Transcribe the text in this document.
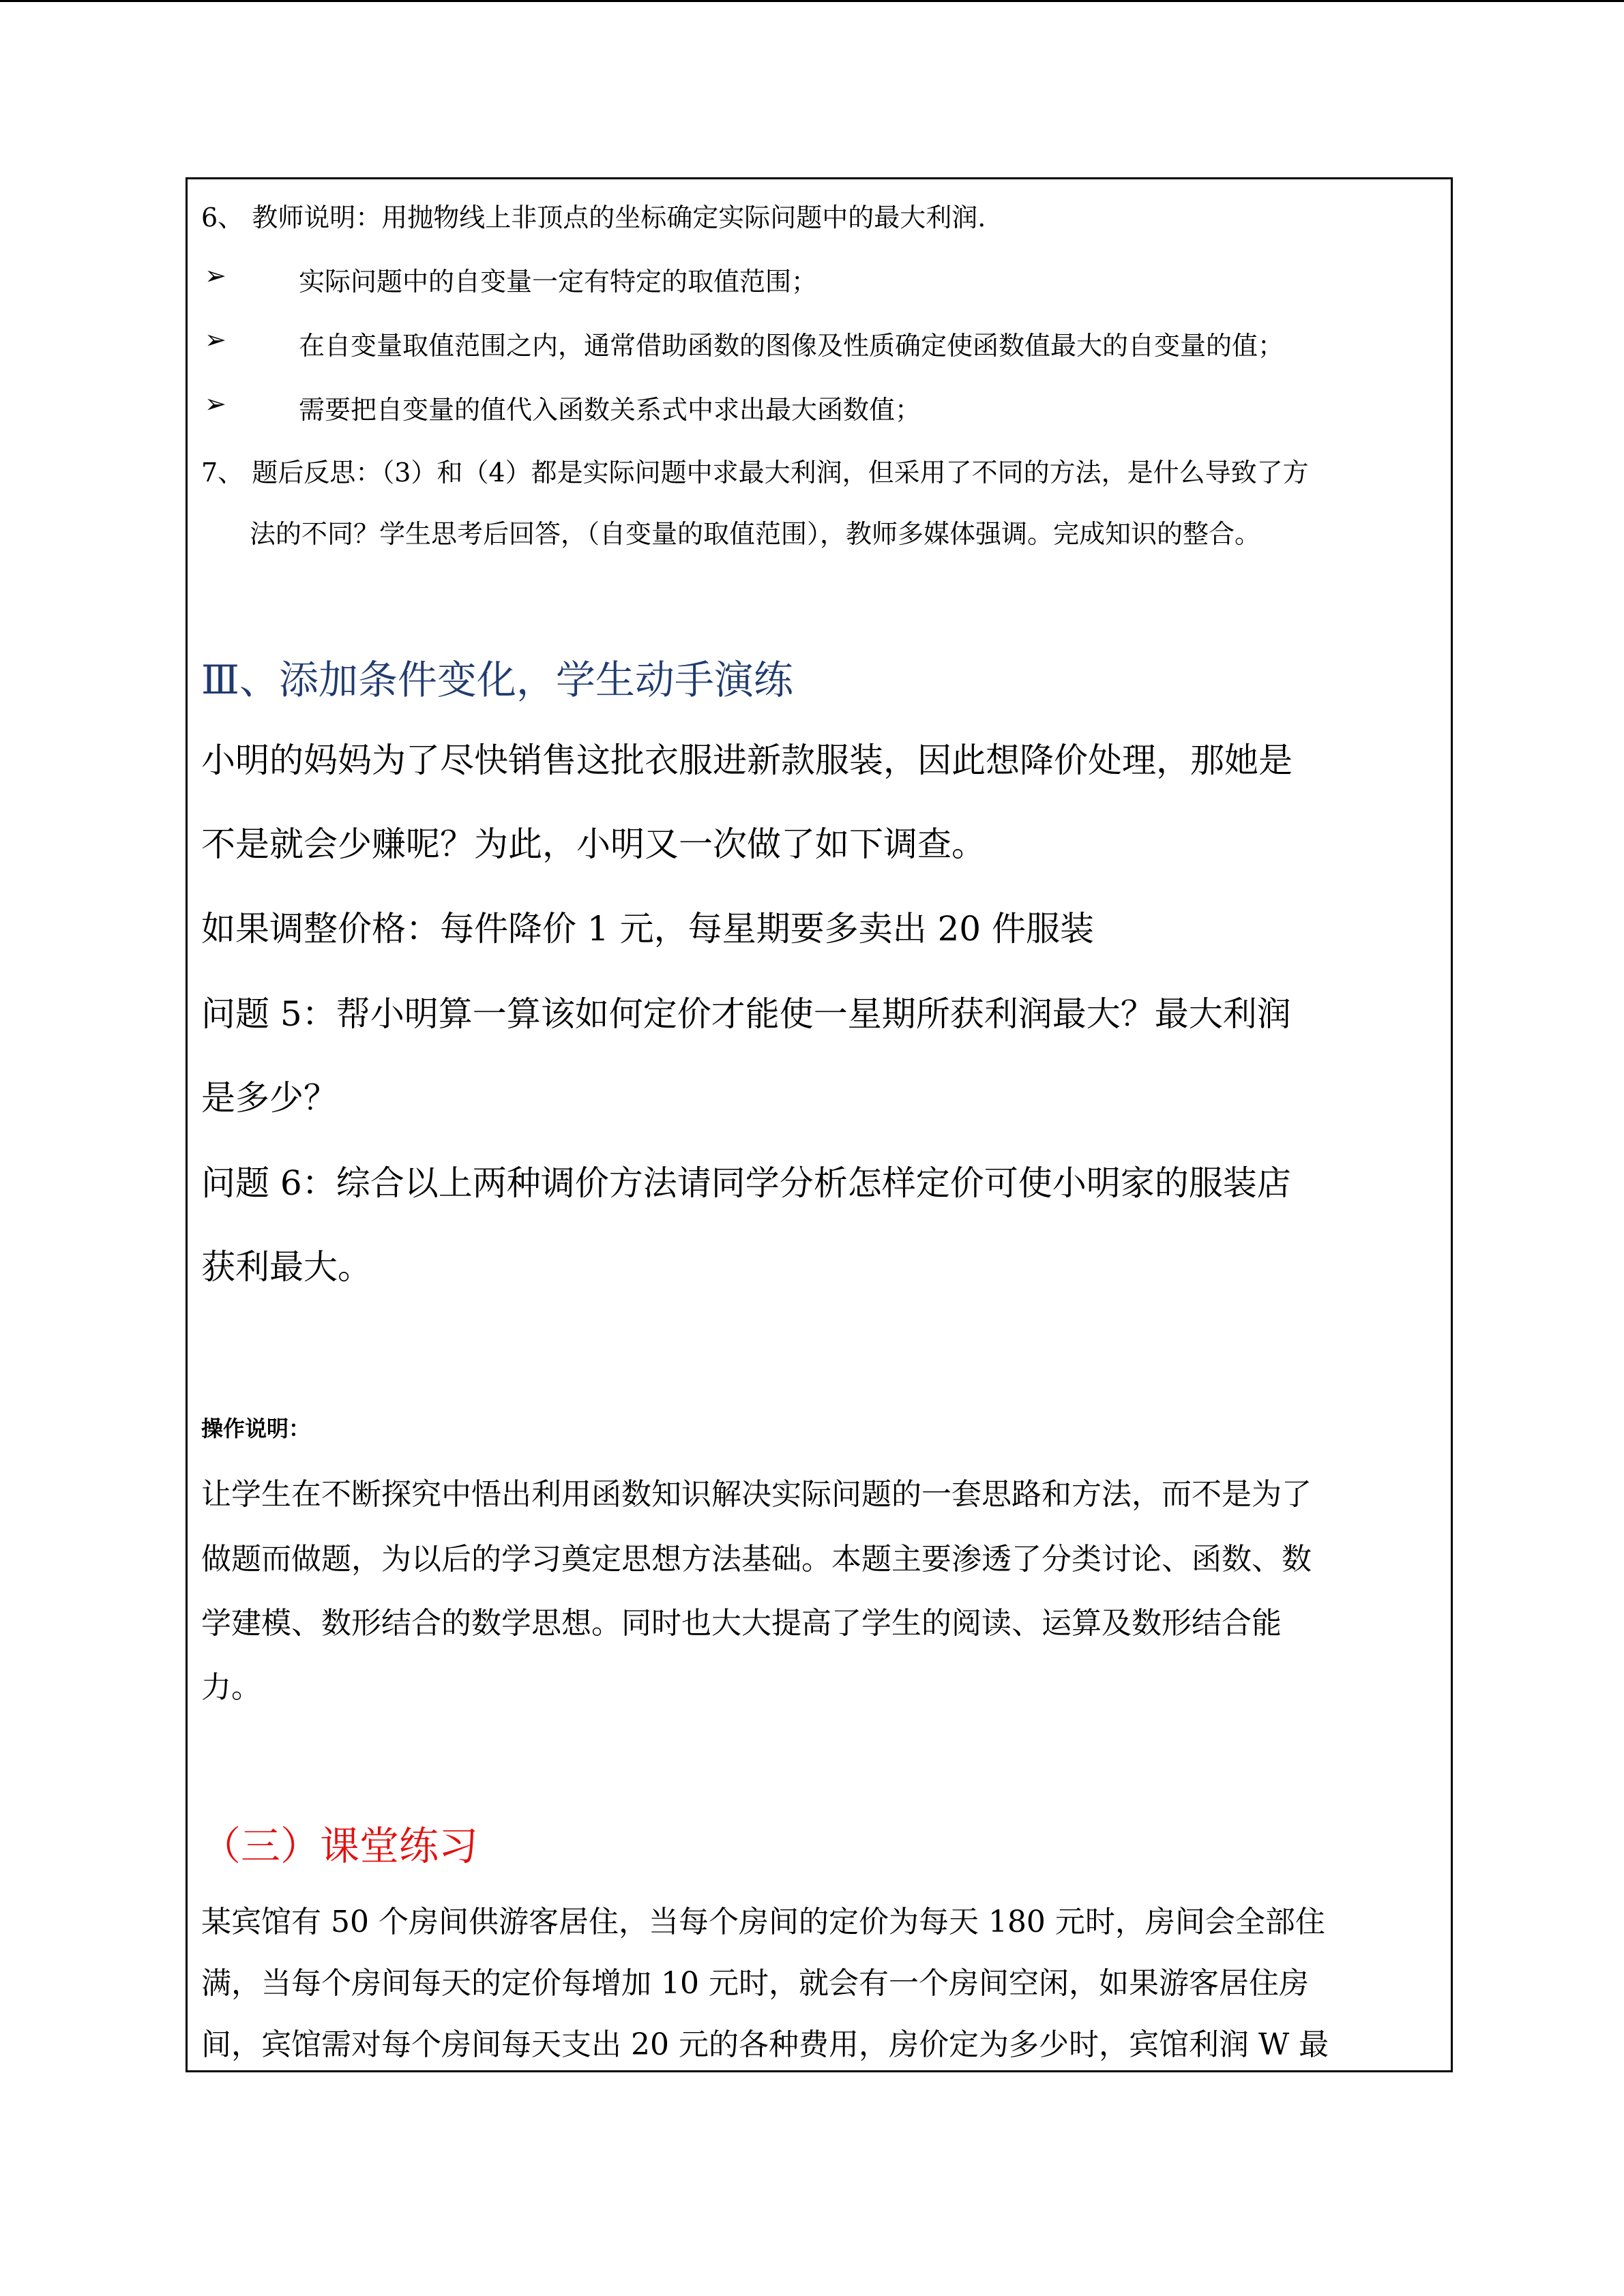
6、 教师说明：用抛物线上非顶点的坐标确定实际问题中的最大利润.
➢	实际问题中的自变量一定有特定的取值范围；
➢	在自变量取值范围之内，通常借助函数的图像及性质确定使函数值最大的自变量的值；
➢	需要把自变量的值代入函数关系式中求出最大函数值；
7、 题后反思：（3）和（4）都是实际问题中求最大利润，但采用了不同的方法，是什么导致了方
法的不同？学生思考后回答，（自变量的取值范围），教师多媒体强调。完成知识的整合。
Ⅲ、添加条件变化，学生动手演练
小明的妈妈为了尽快销售这批衣服进新款服装，因此想降价处理，那她是
不是就会少赚呢？为此，小明又一次做了如下调查。
如果调整价格：每件降价 1 元，每星期要多卖出 20 件服装
问题 5：帮小明算一算该如何定价才能使一星期所获利润最大？最大利润
是多少？
问题 6：综合以上两种调价方法请同学分析怎样定价可使小明家的服装店
获利最大。
操作说明：
让学生在不断探究中悟出利用函数知识解决实际问题的一套思路和方法，而不是为了
做题而做题，为以后的学习奠定思想方法基础。本题主要渗透了分类讨论、函数、数
学建模、数形结合的数学思想。同时也大大提高了学生的阅读、运算及数形结合能
力。
（三）课堂练习
某宾馆有 50 个房间供游客居住，当每个房间的定价为每天 180 元时，房间会全部住
满，当每个房间每天的定价每增加 10 元时，就会有一个房间空闲，如果游客居住房
间，宾馆需对每个房间每天支出 20 元的各种费用，房价定为多少时，宾馆利润 W 最
